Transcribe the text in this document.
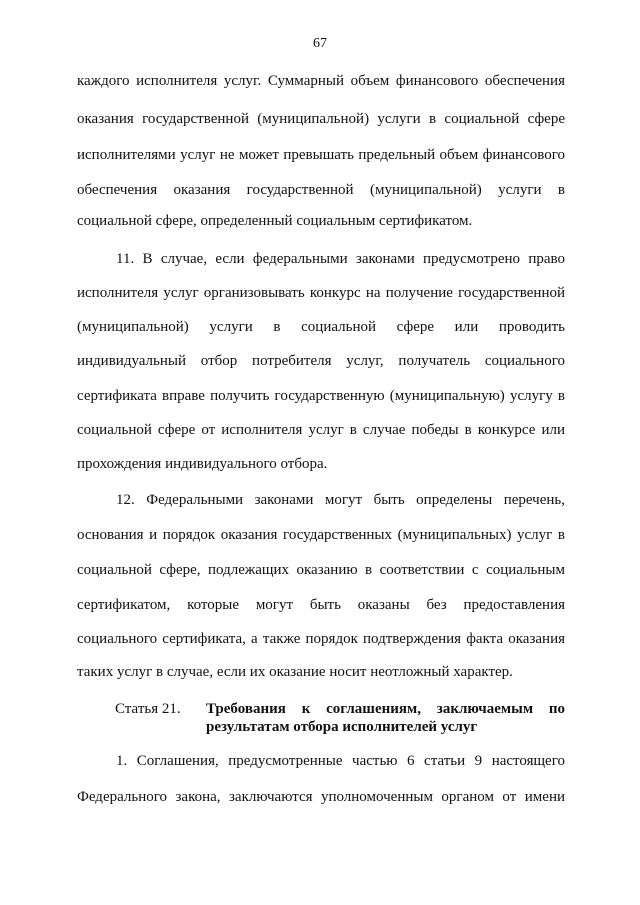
67
каждого исполнителя услуг. Суммарный объем финансового обеспечения
оказания государственной (муниципальной) услуги в социальной сфере
исполнителями услуг не может превышать предельный объем финансового
обеспечения оказания государственной (муниципальной) услуги в
социальной сфере, определенный социальным сертификатом.
11. В случае, если федеральными законами предусмотрено право
исполнителя услуг организовывать конкурс на получение государственной
(муниципальной) услуги в социальной сфере или проводить
индивидуальный отбор потребителя услуг, получатель социального
сертификата вправе получить государственную (муниципальную) услугу в
социальной сфере от исполнителя услуг в случае победы в конкурсе или
прохождения индивидуального отбора.
12. Федеральными законами могут быть определены перечень,
основания и порядок оказания государственных (муниципальных) услуг в
социальной сфере, подлежащих оказанию в соответствии с социальным
сертификатом, которые могут быть оказаны без предоставления
социального сертификата, а также порядок подтверждения факта оказания
таких услуг в случае, если их оказание носит неотложный характер.
Статья 21. Требования к соглашениям, заключаемым по
результатам отбора исполнителей услуг
1. Соглашения, предусмотренные частью 6 статьи 9 настоящего
Федерального закона, заключаются уполномоченным органом от имени
